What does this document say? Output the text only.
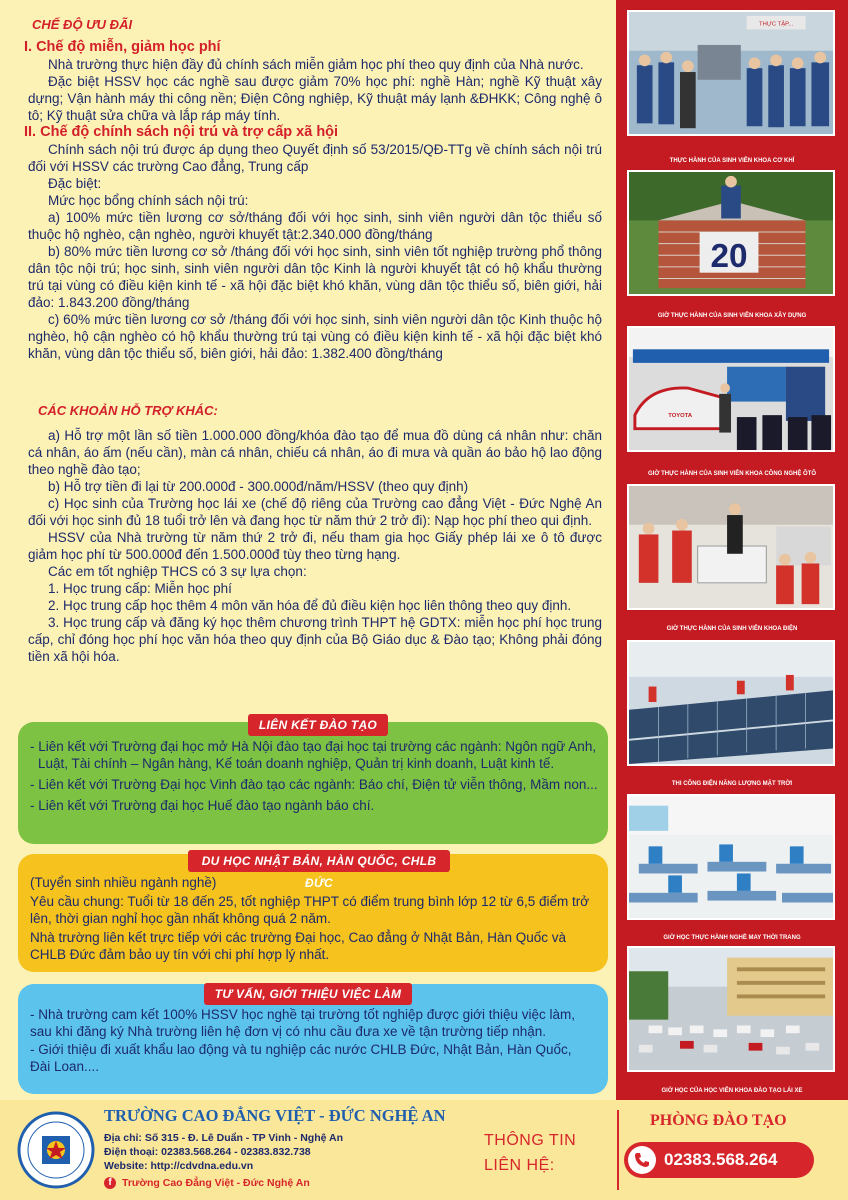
CHẾ ĐỘ ƯU ĐÃI
I. Chế độ miễn, giảm học phí

Nhà trường thực hiện đầy đủ chính sách miễn giảm học phí theo quy định của Nhà nước.

Đặc biệt HSSV học các nghề sau được giảm 70% học phí: nghề Hàn; nghề Kỹ thuật xây dựng; Vận hành máy thi công nền; Điện Công nghiệp, Kỹ thuật máy lạnh &ĐHKK; Công nghệ ô tô; Kỹ thuật sửa chữa và lắp ráp máy tính.

II. Chế độ chính sách nội trú và trợ cấp xã hội

Chính sách nội trú được áp dụng theo Quyết định số 53/2015/QĐ-TTg về chính sách nội trú đối với HSSV các trường Cao đẳng, Trung cấp

Đặc biệt:

Mức học bổng chính sách nội trú:

a) 100% mức tiền lương cơ sở/tháng đối với học sinh, sinh viên người dân tộc thiểu số thuộc hộ nghèo, cận nghèo, người khuyết tật:2.340.000 đồng/tháng

b) 80% mức tiền lương cơ sở /tháng đối với học sinh, sinh viên tốt nghiệp trường phổ thông dân tộc nội trú; học sinh, sinh viên người dân tộc Kinh là người khuyết tật có hộ khẩu thường trú tại vùng có điều kiện kinh tế - xã hội đặc biệt khó khăn, vùng dân tộc thiểu số, biên giới, hải đảo: 1.843.200 đồng/tháng

c) 60% mức tiền lương cơ sở /tháng đối với học sinh, sinh viên người dân tộc Kinh thuộc hộ nghèo, hộ cận nghèo có hộ khẩu thường trú tại vùng có điều kiện kinh tế - xã hội đặc biệt khó khăn, vùng dân tộc thiểu số, biên giới, hải đảo: 1.382.400 đồng/tháng

CÁC KHOẢN HỖ TRỢ KHÁC:

a) Hỗ trợ một lần số tiền 1.000.000 đồng/khóa đào tạo để mua đồ dùng cá nhân như: chăn cá nhân, áo ấm (nếu cần), màn cá nhân, chiếu cá nhân, áo đi mưa và quần áo bảo hộ lao động theo nghề đào tạo;

b) Hỗ trợ tiền đi lại từ 200.000đ - 300.000đ/năm/HSSV (theo quy định)

c) Học sinh của Trường học lái xe (chế độ riêng của Trường cao đẳng Việt - Đức Nghệ An đối với học sinh đủ 18 tuổi trở lên và đang học từ năm thứ 2 trở đi): Nạp học phí theo qui định.

HSSV của Nhà trường từ năm thứ 2 trở đi, nếu tham gia học Giấy phép lái xe ô tô được giảm học phí từ 500.000đ đến 1.500.000đ tùy theo từng hạng.

Các em tốt nghiệp THCS có 3 sự lựa chọn:

1. Học trung cấp: Miễn học phí

2. Học trung cấp học thêm 4 môn văn hóa để đủ điều kiện học liên thông theo quy định.

3. Học trung cấp và đăng ký học thêm chương trình THPT hệ GDTX: miễn học phí học trung cấp, chỉ đóng học phí học văn hóa theo quy định của Bộ Giáo dục & Đào tạo; Không phải đóng tiền xã hội hóa.

LIÊN KẾT ĐÀO TẠO

- Liên kết với Trường đại học mở Hà Nội đào tạo đại học tại trường các ngành: Ngôn ngữ Anh, Luật, Tài chính – Ngân hàng, Kế toán doanh nghiệp, Quản trị kinh doanh, Luật kinh tế.

- Liên kết với Trường Đại học Vinh đào tạo các ngành: Báo chí, Điện tử viễn thông, Mầm non...

- Liên kết với Trường đại học Huế đào tạo ngành báo chí.

DU HỌC NHẬT BẢN, HÀN QUỐC, CHLB ĐỨC

(Tuyển sinh nhiều ngành nghề)

Yêu cầu chung: Tuổi từ 18 đến 25, tốt nghiệp THPT có điểm trung bình lớp 12 từ 6,5 điểm trở lên, thời gian nghỉ học gần nhất không quá 2 năm.

Nhà trường liên kết trực tiếp với các trường Đại học, Cao đẳng ở Nhật Bản, Hàn Quốc và CHLB Đức đảm bảo uy tín với chi phí hợp lý nhất.

TƯ VẤN, GIỚI THIỆU VIỆC LÀM

- Nhà trường cam kết 100% HSSV học nghề tại trường tốt nghiệp được giới thiệu việc làm, sau khi đăng ký Nhà trường liên hệ đơn vị có nhu cầu đưa xe về tận trường tiếp nhận.

- Giới thiệu đi xuất khẩu lao động và tu nghiệp các nước CHLB Đức, Nhật Bản, Hàn Quốc, Đài Loan....

THỰC TẬP...
THỰC HÀNH CỦA SINH VIÊN KHOA CƠ KHÍ
20
GIỜ THỰC HÀNH CỦA SINH VIÊN KHOA XÂY DỰNG
TOYOTA
GIỜ THỰC HÀNH CỦA SINH VIÊN KHOA CÔNG NGHỆ ÔTÔ
GIỜ THỰC HÀNH CỦA SINH VIÊN KHOA ĐIỆN
THI CÔNG ĐIỆN NĂNG LƯỢNG MẶT TRỜI
GIỜ HỌC THỰC HÀNH NGHỀ MAY THỜI TRANG
GIỜ HỌC CỦA HỌC VIÊN KHOA ĐÀO TẠO LÁI XE
TRƯỜNG CAO ĐẲNG VIỆT - ĐỨC NGHỆ AN
Địa chỉ: Số 315 - Đ. Lê Duẩn - TP Vinh - Nghệ An
Điện thoại: 02383.568.264 - 02383.832.738
Website: http://cdvdna.edu.vn
f Trường Cao Đẳng Việt - Đức Nghệ An
THÔNG TIN
LIÊN HỆ:
PHÒNG ĐÀO TẠO
02383.568.264
